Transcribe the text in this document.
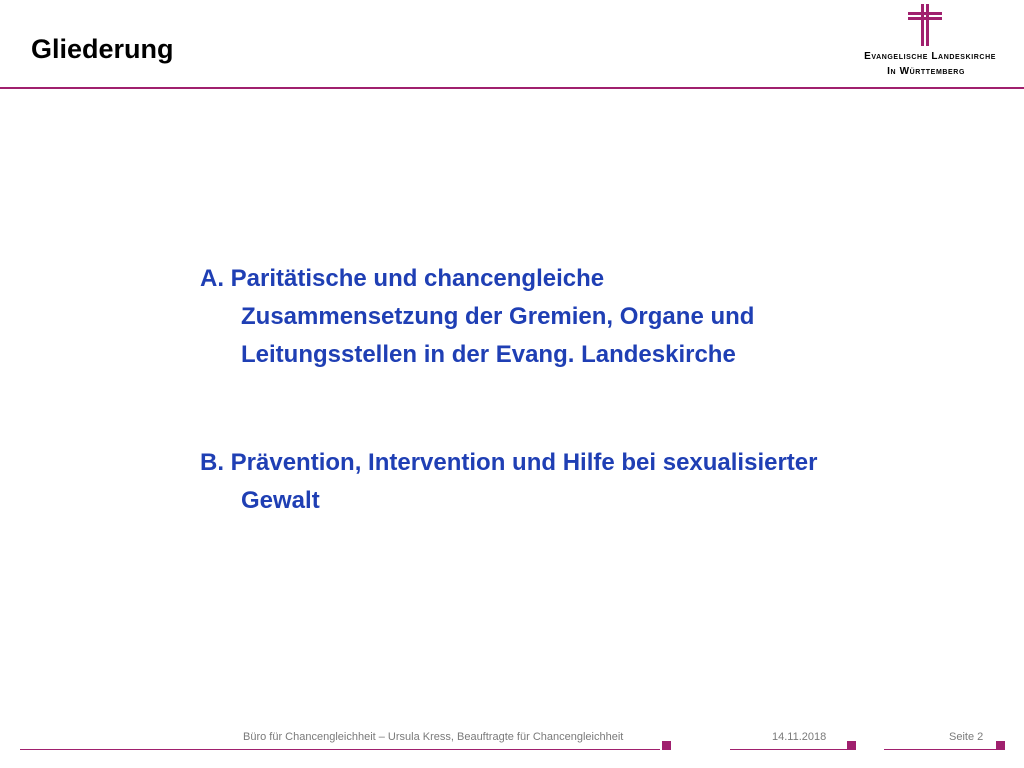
Gliederung	Evangelische Landeskirche
In Württemberg

A. Paritätische und chancengleiche Zusammensetzung der Gremien, Organe und Leitungsstellen in der Evang. Landeskirche

B. Prävention, Intervention und Hilfe bei sexualisierter Gewalt

Büro für Chancengleichheit – Ursula Kress, Beauftragte für Chancengleichheit	14.11.2018	Seite 2
